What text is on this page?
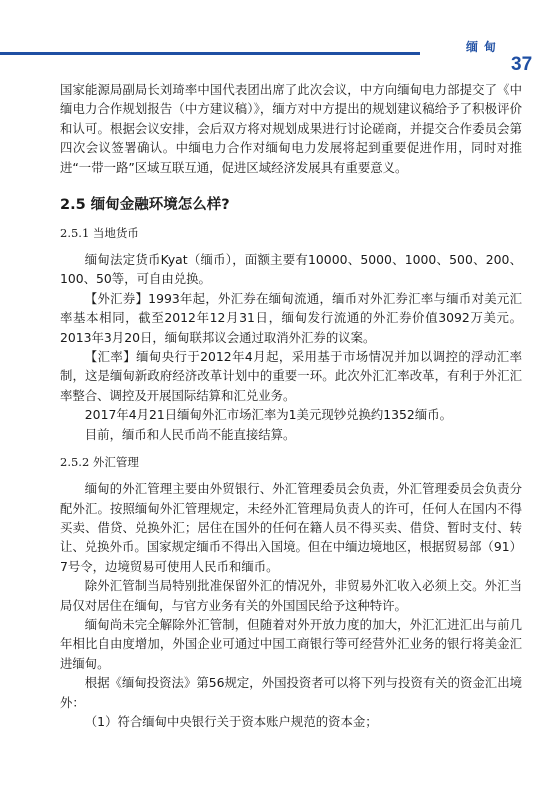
缅甸
37

国家能源局副局长刘琦率中国代表团出席了此次会议，中方向缅甸电力部提交了《中缅电力合作规划报告（中方建议稿）》，缅方对中方提出的规划建议稿给予了积极评价和认可。根据会议安排，会后双方将对规划成果进行讨论磋商，并提交合作委员会第四次会议签署确认。中缅电力合作对缅甸电力发展将起到重要促进作用，同时对推进“一带一路”区域互联互通，促进区域经济发展具有重要意义。

2.5 缅甸金融环境怎么样?
2.5.1 当地货币

缅甸法定货币Kyat（缅币），面额主要有10000、5000、1000、500、200、100、50等，可自由兑换。

【外汇券】1993年起，外汇券在缅甸流通，缅币对外汇券汇率与缅币对美元汇率基本相同，截至2012年12月31日，缅甸发行流通的外汇券价值3092万美元。2013年3月20日，缅甸联邦议会通过取消外汇券的议案。

【汇率】缅甸央行于2012年4月起，采用基于市场情况并加以调控的浮动汇率制，这是缅甸新政府经济改革计划中的重要一环。此次外汇汇率改革，有利于外汇汇率整合、调控及开展国际结算和汇兑业务。

2017年4月21日缅甸外汇市场汇率为1美元现钞兑换约1352缅币。

目前，缅币和人民币尚不能直接结算。

2.5.2 外汇管理

缅甸的外汇管理主要由外贸银行、外汇管理委员会负责，外汇管理委员会负责分配外汇。按照缅甸外汇管理规定，未经外汇管理局负责人的许可，任何人在国内不得买卖、借贷、兑换外汇；居住在国外的任何在籍人员不得买卖、借贷、暂时支付、转让、兑换外币。国家规定缅币不得出入国境。但在中缅边境地区，根据贸易部（91）7号令，边境贸易可使用人民币和缅币。

除外汇管制当局特别批准保留外汇的情况外，非贸易外汇收入必须上交。外汇当局仅对居住在缅甸，与官方业务有关的外国国民给予这种特许。

缅甸尚未完全解除外汇管制，但随着对外开放力度的加大，外汇汇进汇出与前几年相比自由度增加，外国企业可通过中国工商银行等可经营外汇业务的银行将美金汇进缅甸。

根据《缅甸投资法》第56规定，外国投资者可以将下列与投资有关的资金汇出境外：

（1）符合缅甸中央银行关于资本账户规范的资本金；
